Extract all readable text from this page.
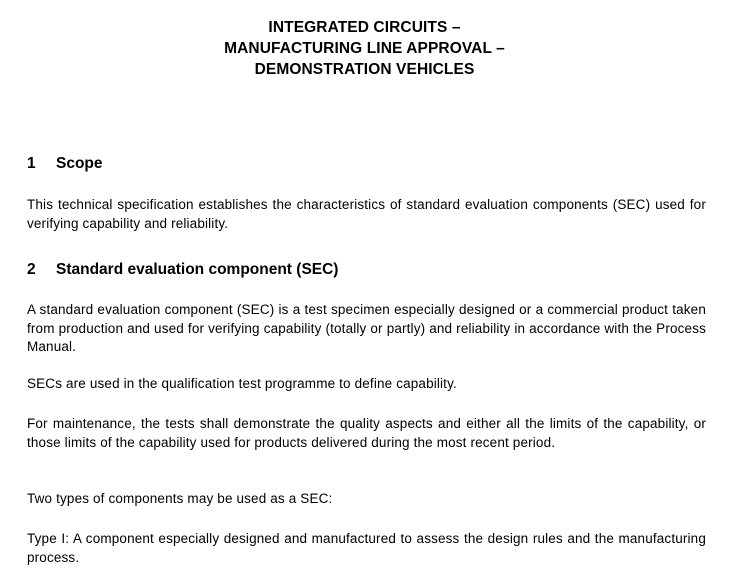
INTEGRATED CIRCUITS –
MANUFACTURING LINE APPROVAL –
DEMONSTRATION VEHICLES
1 Scope

This technical specification establishes the characteristics of standard evaluation components (SEC) used for verifying capability and reliability.

2 Standard evaluation component (SEC)

A standard evaluation component (SEC) is a test specimen especially designed or a commercial product taken from production and used for verifying capability (totally or partly) and reliability in accordance with the Process Manual.

SECs are used in the qualification test programme to define capability.

For maintenance, the tests shall demonstrate the quality aspects and either all the limits of the capability, or those limits of the capability used for products delivered during the most recent period.

Two types of components may be used as a SEC:

Type I: A component especially designed and manufactured to assess the design rules and the manufacturing process.
